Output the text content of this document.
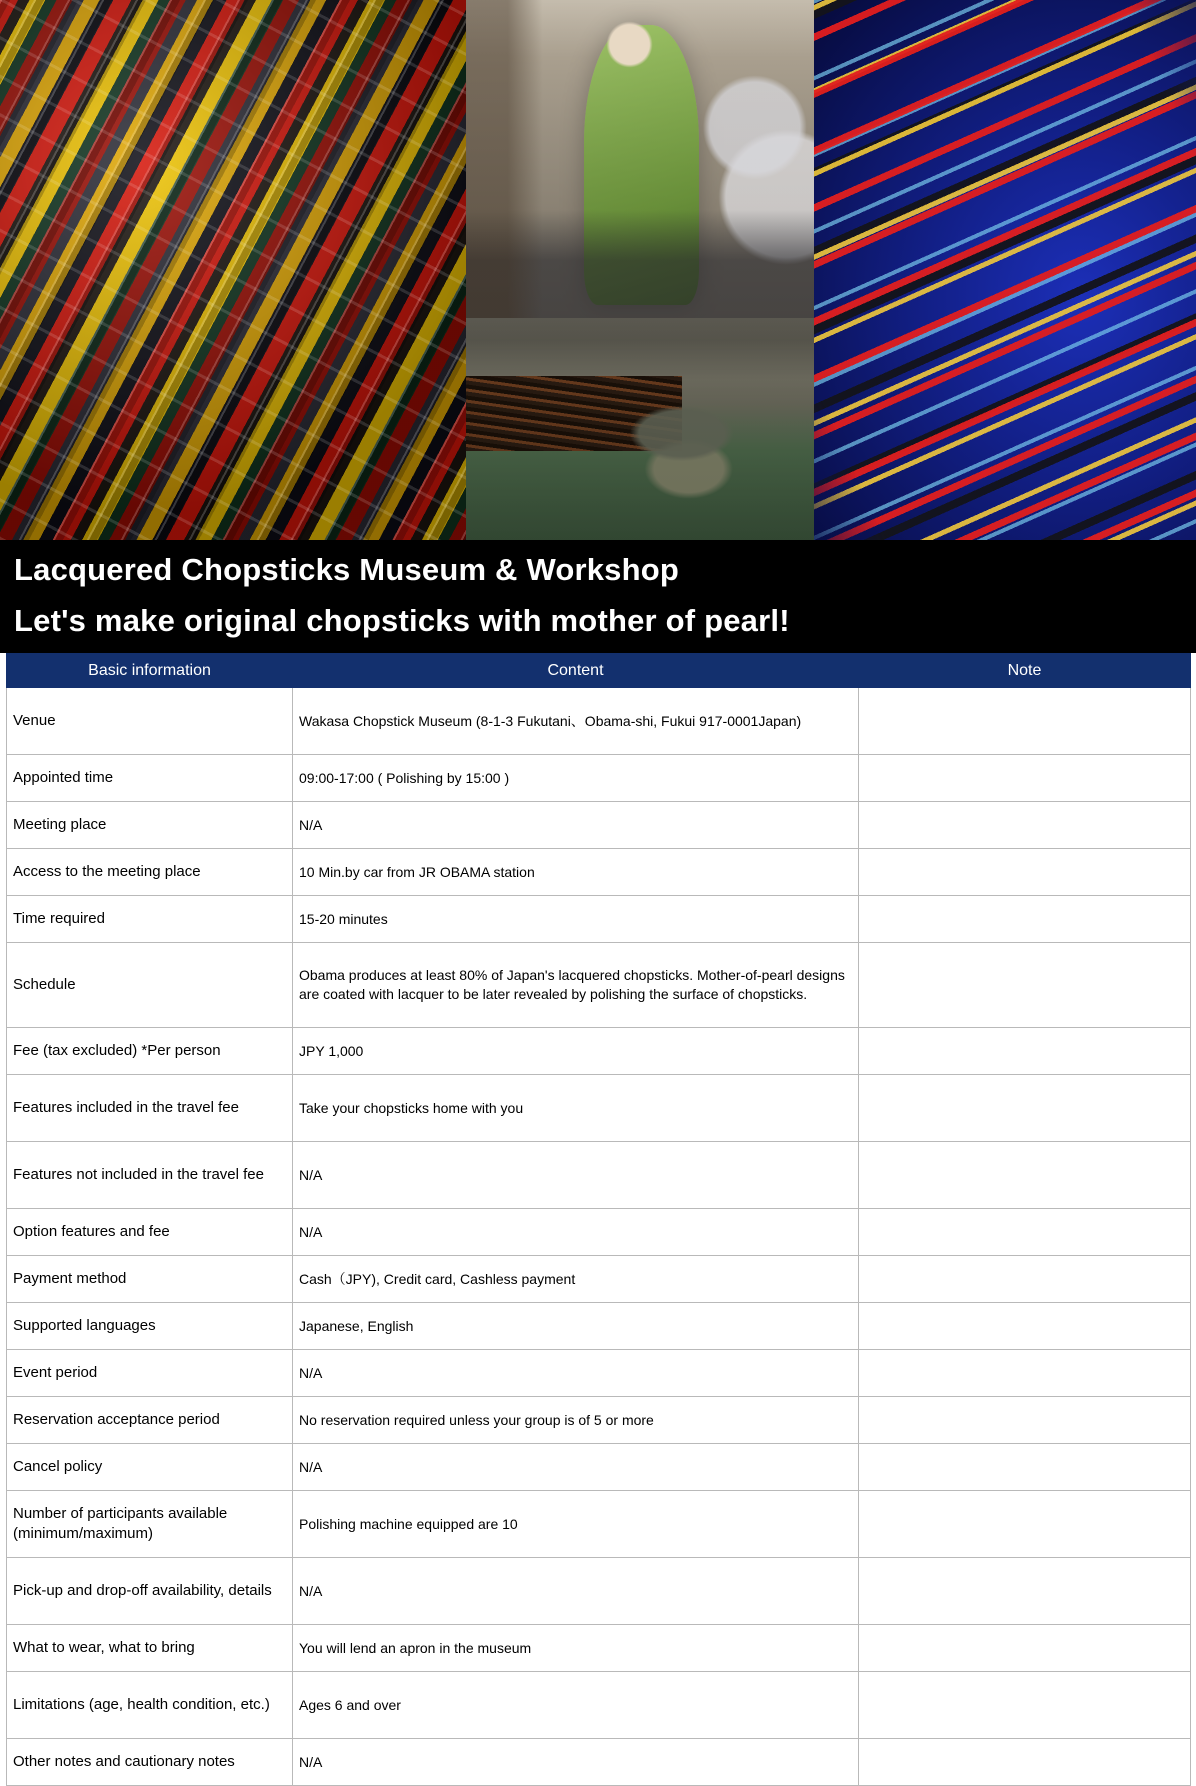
Lacquered Chopsticks Museum & Workshop
Let's make original chopsticks with mother of pearl!
Basic information	Content	Note
Venue	Wakasa Chopstick Museum (8-1-3 Fukutani、Obama-shi, Fukui 917-0001Japan)	
Appointed time	09:00-17:00 ( Polishing by 15:00 )	
Meeting place	N/A	
Access to the meeting place	10 Min.by car from JR OBAMA station	
Time required	15-20 minutes	
Schedule	Obama produces at least 80% of Japan's lacquered chopsticks. Mother-of-pearl designs are coated with lacquer to be later revealed by polishing the surface of chopsticks.	
Fee (tax excluded) *Per person	JPY 1,000	
Features included in the travel fee	Take your chopsticks home with you	
Features not included in the travel fee	N/A	
Option features and fee	N/A	
Payment method	Cash（JPY), Credit card, Cashless payment	
Supported languages	Japanese, English	
Event period	N/A	
Reservation acceptance period	No reservation required unless your group is of 5 or more	
Cancel policy	N/A	
Number of participants available (minimum/maximum)	Polishing machine equipped are 10	
Pick-up and drop-off availability, details	N/A	
What to wear, what to bring	You will lend an apron in the museum	
Limitations (age, health condition, etc.)	Ages 6 and over	
Other notes and cautionary notes	N/A	
